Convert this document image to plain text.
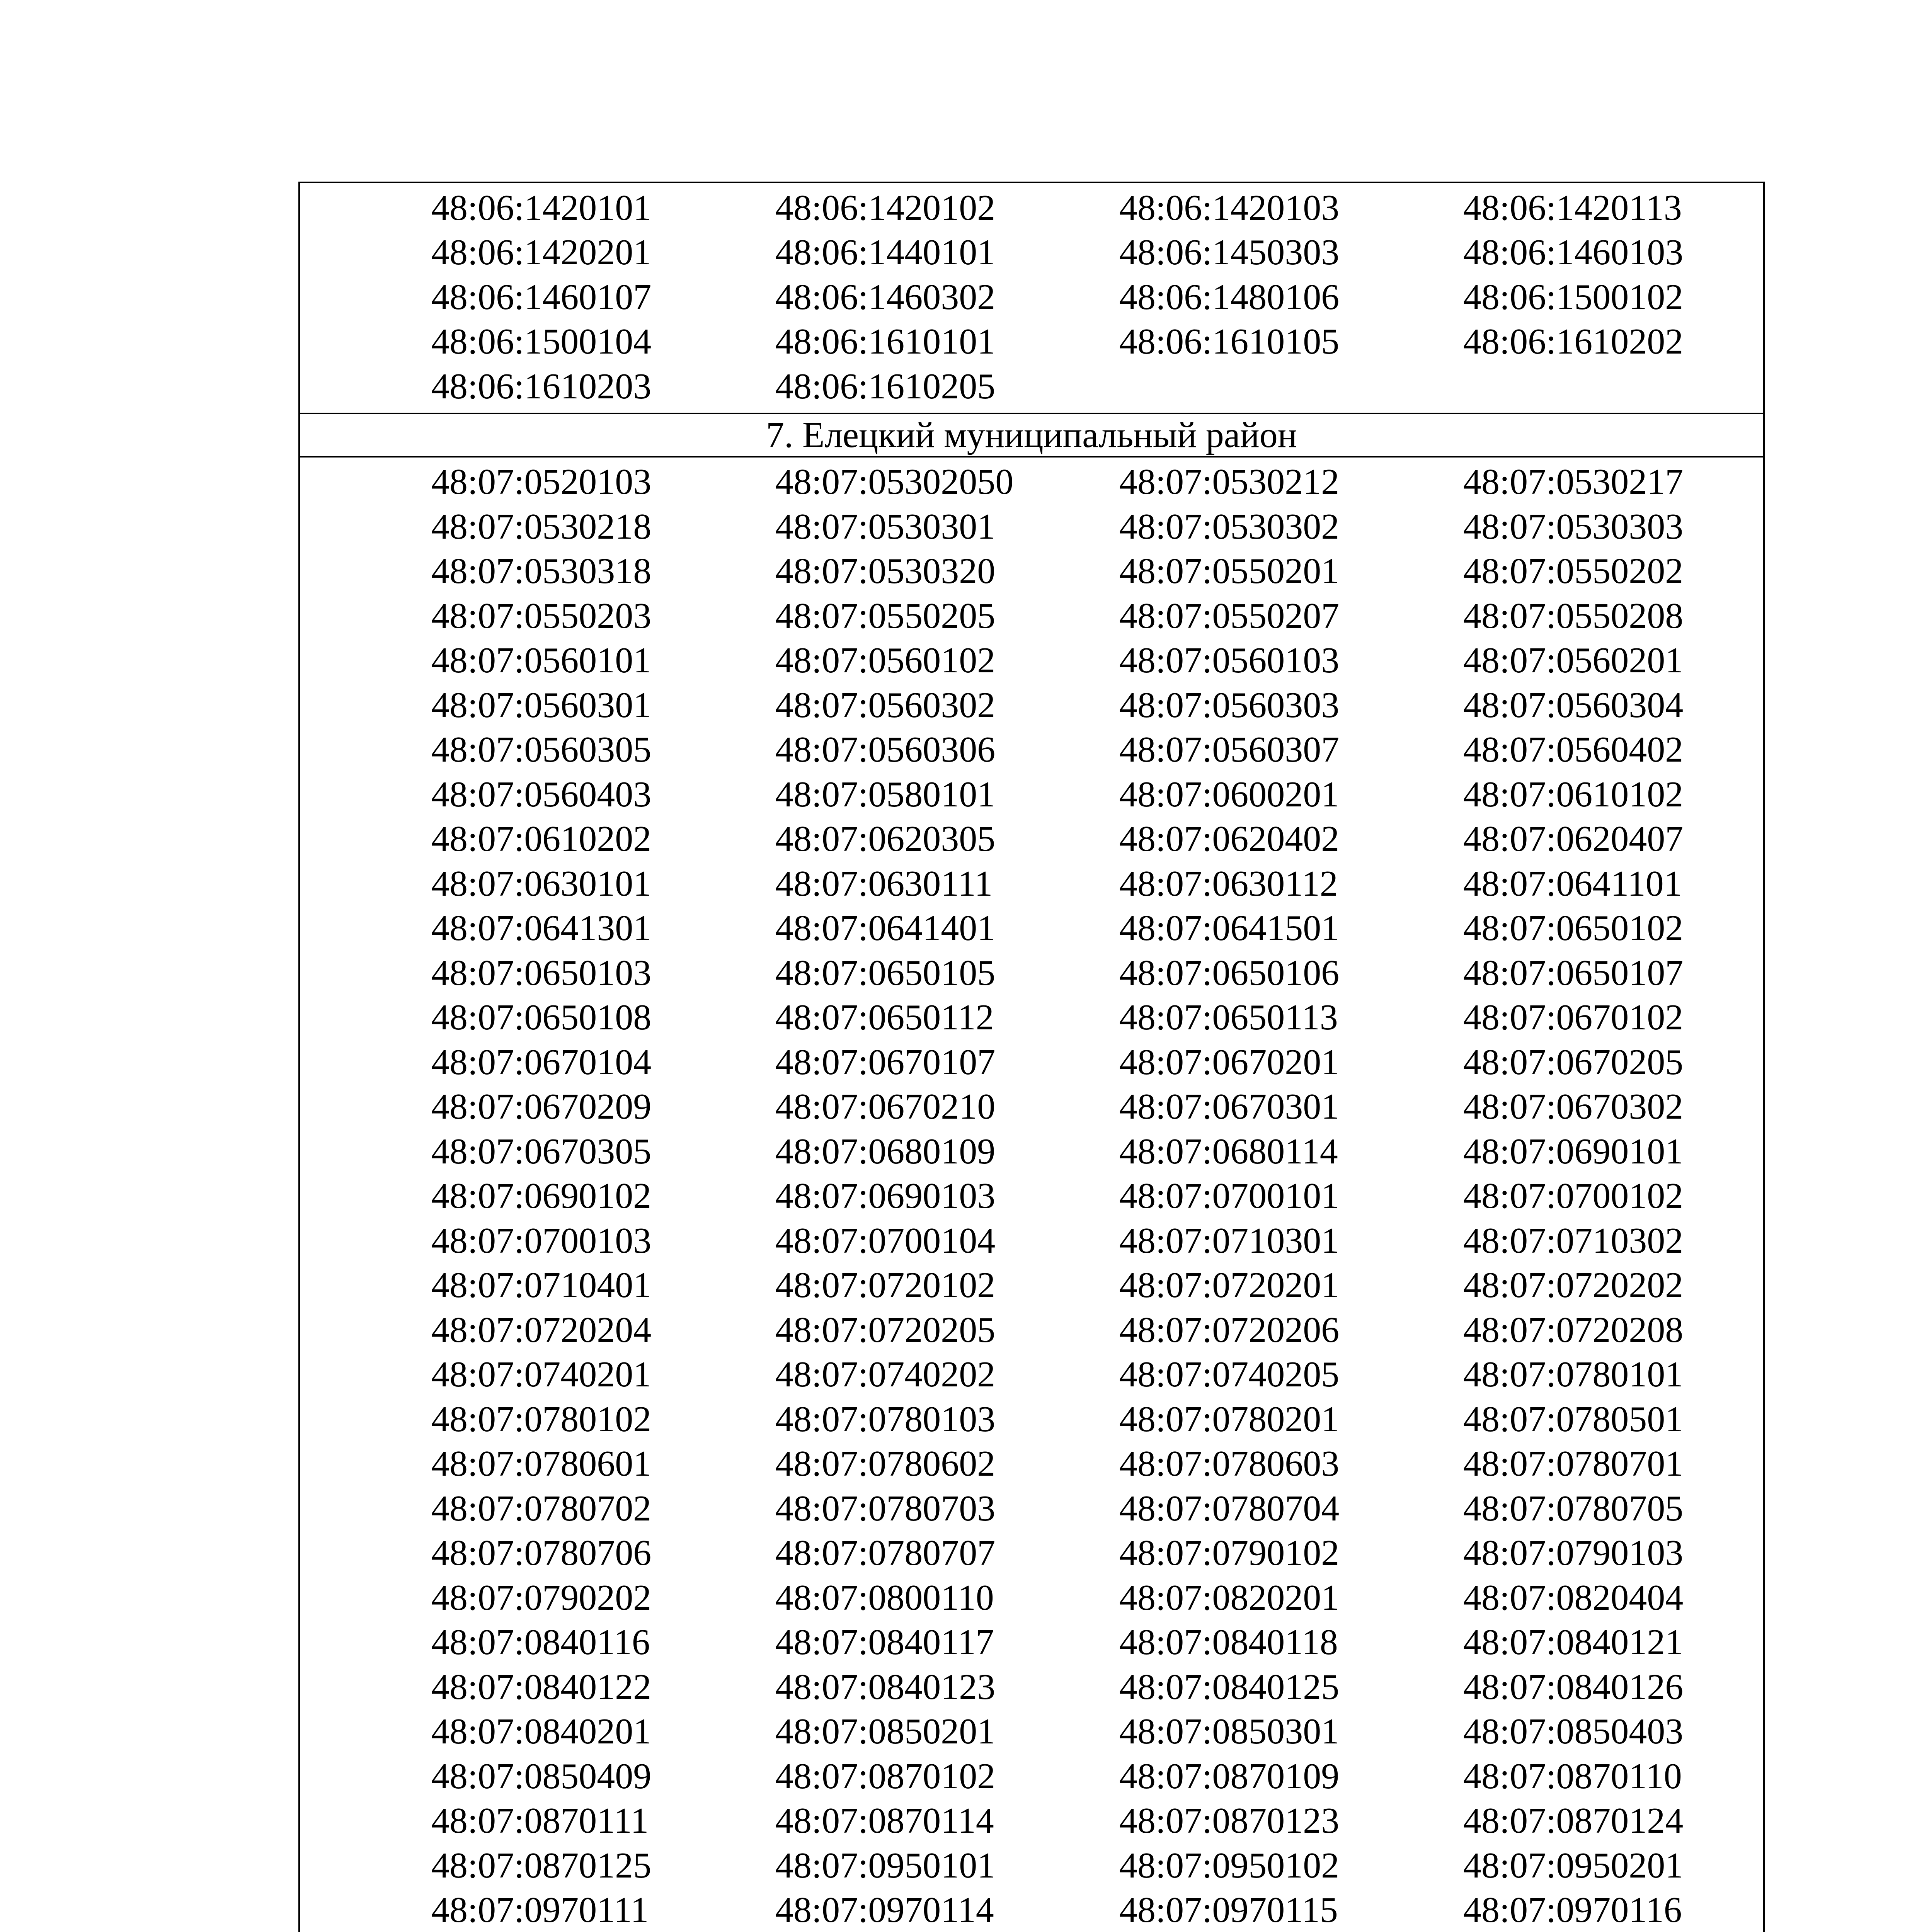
48:06:1420101	48:06:1420102	48:06:1420103	48:06:1420113
48:06:1420201	48:06:1440101	48:06:1450303	48:06:1460103
48:06:1460107	48:06:1460302	48:06:1480106	48:06:1500102
48:06:1500104	48:06:1610101	48:06:1610105	48:06:1610202
48:06:1610203	48:06:1610205
7. Елецкий муниципальный район
48:07:0520103	48:07:05302050	48:07:0530212	48:07:0530217
48:07:0530218	48:07:0530301	48:07:0530302	48:07:0530303
48:07:0530318	48:07:0530320	48:07:0550201	48:07:0550202
48:07:0550203	48:07:0550205	48:07:0550207	48:07:0550208
48:07:0560101	48:07:0560102	48:07:0560103	48:07:0560201
48:07:0560301	48:07:0560302	48:07:0560303	48:07:0560304
48:07:0560305	48:07:0560306	48:07:0560307	48:07:0560402
48:07:0560403	48:07:0580101	48:07:0600201	48:07:0610102
48:07:0610202	48:07:0620305	48:07:0620402	48:07:0620407
48:07:0630101	48:07:0630111	48:07:0630112	48:07:0641101
48:07:0641301	48:07:0641401	48:07:0641501	48:07:0650102
48:07:0650103	48:07:0650105	48:07:0650106	48:07:0650107
48:07:0650108	48:07:0650112	48:07:0650113	48:07:0670102
48:07:0670104	48:07:0670107	48:07:0670201	48:07:0670205
48:07:0670209	48:07:0670210	48:07:0670301	48:07:0670302
48:07:0670305	48:07:0680109	48:07:0680114	48:07:0690101
48:07:0690102	48:07:0690103	48:07:0700101	48:07:0700102
48:07:0700103	48:07:0700104	48:07:0710301	48:07:0710302
48:07:0710401	48:07:0720102	48:07:0720201	48:07:0720202
48:07:0720204	48:07:0720205	48:07:0720206	48:07:0720208
48:07:0740201	48:07:0740202	48:07:0740205	48:07:0780101
48:07:0780102	48:07:0780103	48:07:0780201	48:07:0780501
48:07:0780601	48:07:0780602	48:07:0780603	48:07:0780701
48:07:0780702	48:07:0780703	48:07:0780704	48:07:0780705
48:07:0780706	48:07:0780707	48:07:0790102	48:07:0790103
48:07:0790202	48:07:0800110	48:07:0820201	48:07:0820404
48:07:0840116	48:07:0840117	48:07:0840118	48:07:0840121
48:07:0840122	48:07:0840123	48:07:0840125	48:07:0840126
48:07:0840201	48:07:0850201	48:07:0850301	48:07:0850403
48:07:0850409	48:07:0870102	48:07:0870109	48:07:0870110
48:07:0870111	48:07:0870114	48:07:0870123	48:07:0870124
48:07:0870125	48:07:0950101	48:07:0950102	48:07:0950201
48:07:0970111	48:07:0970114	48:07:0970115	48:07:0970116
